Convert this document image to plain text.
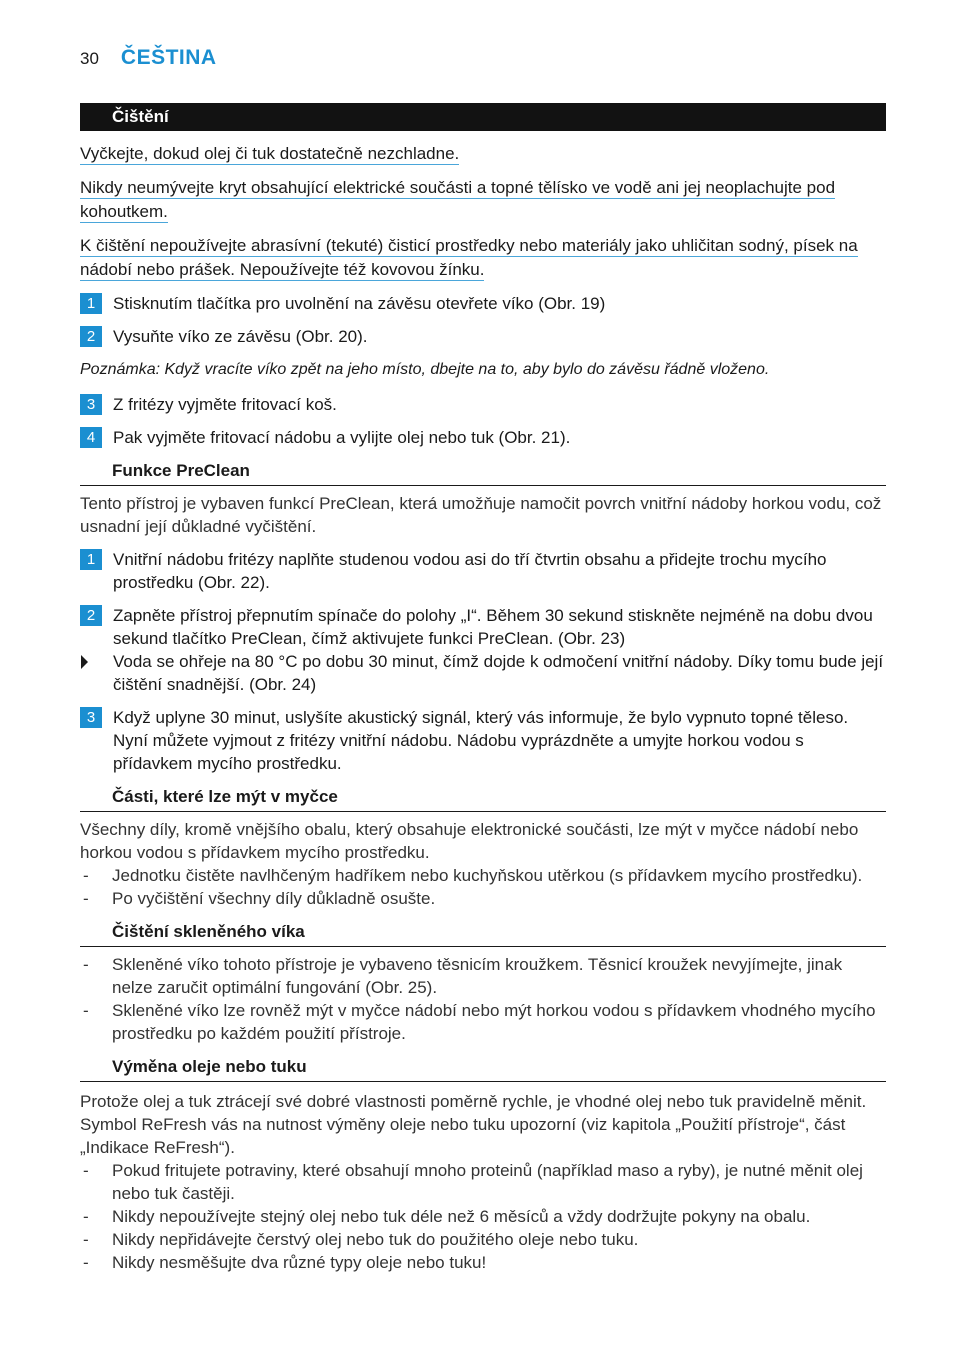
30 ČEŠTINA
Čištění
Vyčkejte, dokud olej či tuk dostatečně nezchladne.
Nikdy neumývejte kryt obsahující elektrické součásti a topné tělísko ve vodě ani jej neoplachujte pod kohoutkem.
K čištění nepoužívejte abrasívní (tekuté) čisticí prostředky nebo materiály jako uhličitan sodný, písek na nádobí nebo prášek. Nepoužívejte též kovovou žínku.
1	Stisknutím tlačítka pro uvolnění na závěsu otevřete víko (Obr. 19)
2	Vysuňte víko ze závěsu (Obr. 20).
Poznámka: Když vracíte víko zpět na jeho místo, dbejte na to, aby bylo do závěsu řádně vloženo.
3	Z fritézy vyjměte fritovací koš.
4	Pak vyjměte fritovací nádobu a vylijte olej nebo tuk (Obr. 21).
Funkce PreClean
Tento přístroj je vybaven funkcí PreClean, která umožňuje namočit povrch vnitřní nádoby horkou vodu, což usnadní její důkladné vyčištění.
1	Vnitřní nádobu fritézy naplňte studenou vodou asi do tří čtvrtin obsahu a přidejte trochu mycího prostředku (Obr. 22).
2	Zapněte přístroj přepnutím spínače do polohy „I“. Během 30 sekund stiskněte nejméně na dobu dvou sekund tlačítko PreClean, čímž aktivujete funkci PreClean. (Obr. 23)
Voda se ohřeje na 80 °C po dobu 30 minut, čímž dojde k odmočení vnitřní nádoby. Díky tomu bude její čištění snadnější. (Obr. 24)
3	Když uplyne 30 minut, uslyšíte akustický signál, který vás informuje, že bylo vypnuto topné těleso. Nyní můžete vyjmout z fritézy vnitřní nádobu. Nádobu vyprázdněte a umyjte horkou vodou s přídavkem mycího prostředku.
Části, které lze mýt v myčce
Všechny díly, kromě vnějšího obalu, který obsahuje elektronické součásti, lze mýt v myčce nádobí nebo horkou vodou s přídavkem mycího prostředku.
-	Jednotku čistěte navlhčeným hadříkem nebo kuchyňskou utěrkou (s přídavkem mycího prostředku).
-	Po vyčištění všechny díly důkladně osušte.
Čištění skleněného víka
-	Skleněné víko tohoto přístroje je vybaveno těsnicím kroužkem. Těsnicí kroužek nevyjímejte, jinak nelze zaručit optimální fungování (Obr. 25).
-	Skleněné víko lze rovněž mýt v myčce nádobí nebo mýt horkou vodou s přídavkem vhodného mycího prostředku po každém použití přístroje.
Výměna oleje nebo tuku
Protože olej a tuk ztrácejí své dobré vlastnosti poměrně rychle, je vhodné olej nebo tuk pravidelně měnit. Symbol ReFresh vás na nutnost výměny oleje nebo tuku upozorní (viz kapitola „Použití přístroje“, část „Indikace ReFresh“).
-	Pokud fritujete potraviny, které obsahují mnoho proteinů (například maso a ryby), je nutné měnit olej nebo tuk častěji.
-	Nikdy nepoužívejte stejný olej nebo tuk déle než 6 měsíců a vždy dodržujte pokyny na obalu.
-	Nikdy nepřidávejte čerstvý olej nebo tuk do použitého oleje nebo tuku.
-	Nikdy nesměšujte dva různé typy oleje nebo tuku!
